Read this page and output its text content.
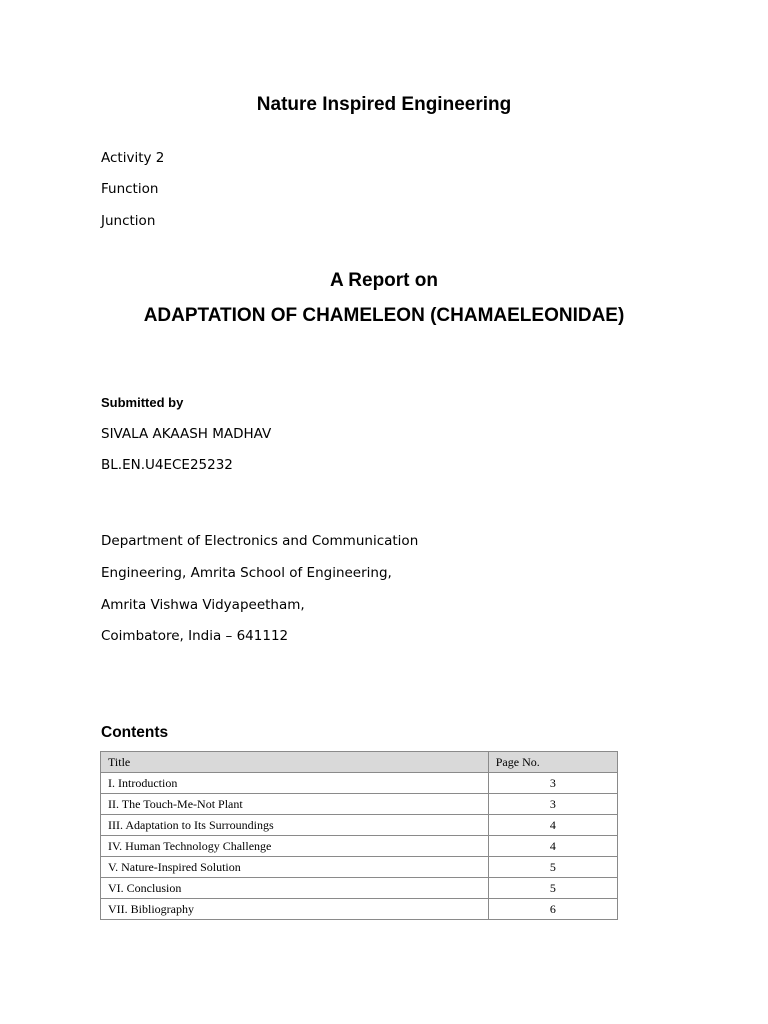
Nature Inspired Engineering

Activity 2

Function

Junction

A Report on
ADAPTATION OF CHAMELEON (CHAMAELEONIDAE)

Submitted by

SIVALA AKAASH MADHAV

BL.EN.U4ECE25232

Department of Electronics and Communication

Engineering, Amrita School of Engineering,

Amrita Vishwa Vidyapeetham,

Coimbatore, India – 641112

Contents
Title	Page No.
I. Introduction	3
II. The Touch-Me-Not Plant	3
III. Adaptation to Its Surroundings	4
IV. Human Technology Challenge	4
V. Nature-Inspired Solution	5
VI. Conclusion	5
VII. Bibliography	6
